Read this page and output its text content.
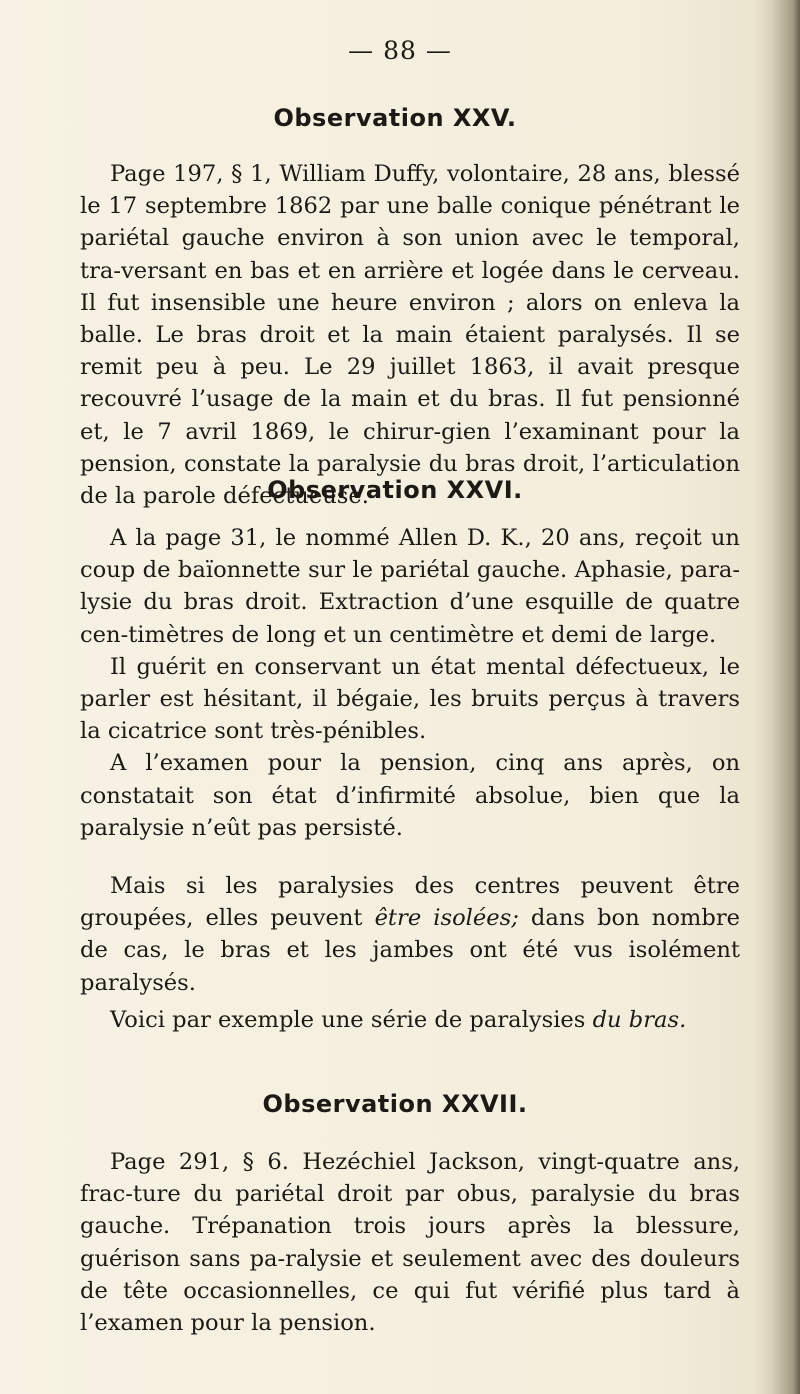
— 88 —
Observation XXV.

Page 197, § 1, William Duffy, volontaire, 28 ans, blessé le 17 septembre 1862 par une balle conique pénétrant le pariétal gauche environ à son union avec le temporal, tra-versant en bas et en arrière et logée dans le cerveau. Il fut insensible une heure environ ; alors on enleva la balle. Le bras droit et la main étaient paralysés. Il se remit peu à peu. Le 29 juillet 1863, il avait presque recouvré l’usage de la main et du bras. Il fut pensionné et, le 7 avril 1869, le chirur-gien l’examinant pour la pension, constate la paralysie du bras droit, l’articulation de la parole défectueuse.

Observation XXVI.

A la page 31, le nommé Allen D. K., 20 ans, reçoit un coup de baïonnette sur le pariétal gauche. Aphasie, para-lysie du bras droit. Extraction d’une esquille de quatre cen-timètres de long et un centimètre et demi de large.

Il guérit en conservant un état mental défectueux, le parler est hésitant, il bégaie, les bruits perçus à travers la cicatrice sont très-pénibles.

A l’examen pour la pension, cinq ans après, on constatait son état d’infirmité absolue, bien que la paralysie n’eût pas persisté.

Mais si les paralysies des centres peuvent être groupées, elles peuvent être isolées; dans bon nombre de cas, le bras et les jambes ont été vus isolément paralysés.

Voici par exemple une série de paralysies du bras.

Observation XXVII.

Page 291, § 6. Hezéchiel Jackson, vingt-quatre ans, frac-ture du pariétal droit par obus, paralysie du bras gauche. Trépanation trois jours après la blessure, guérison sans pa-ralysie et seulement avec des douleurs de tête occasionnelles, ce qui fut vérifié plus tard à l’examen pour la pension.
